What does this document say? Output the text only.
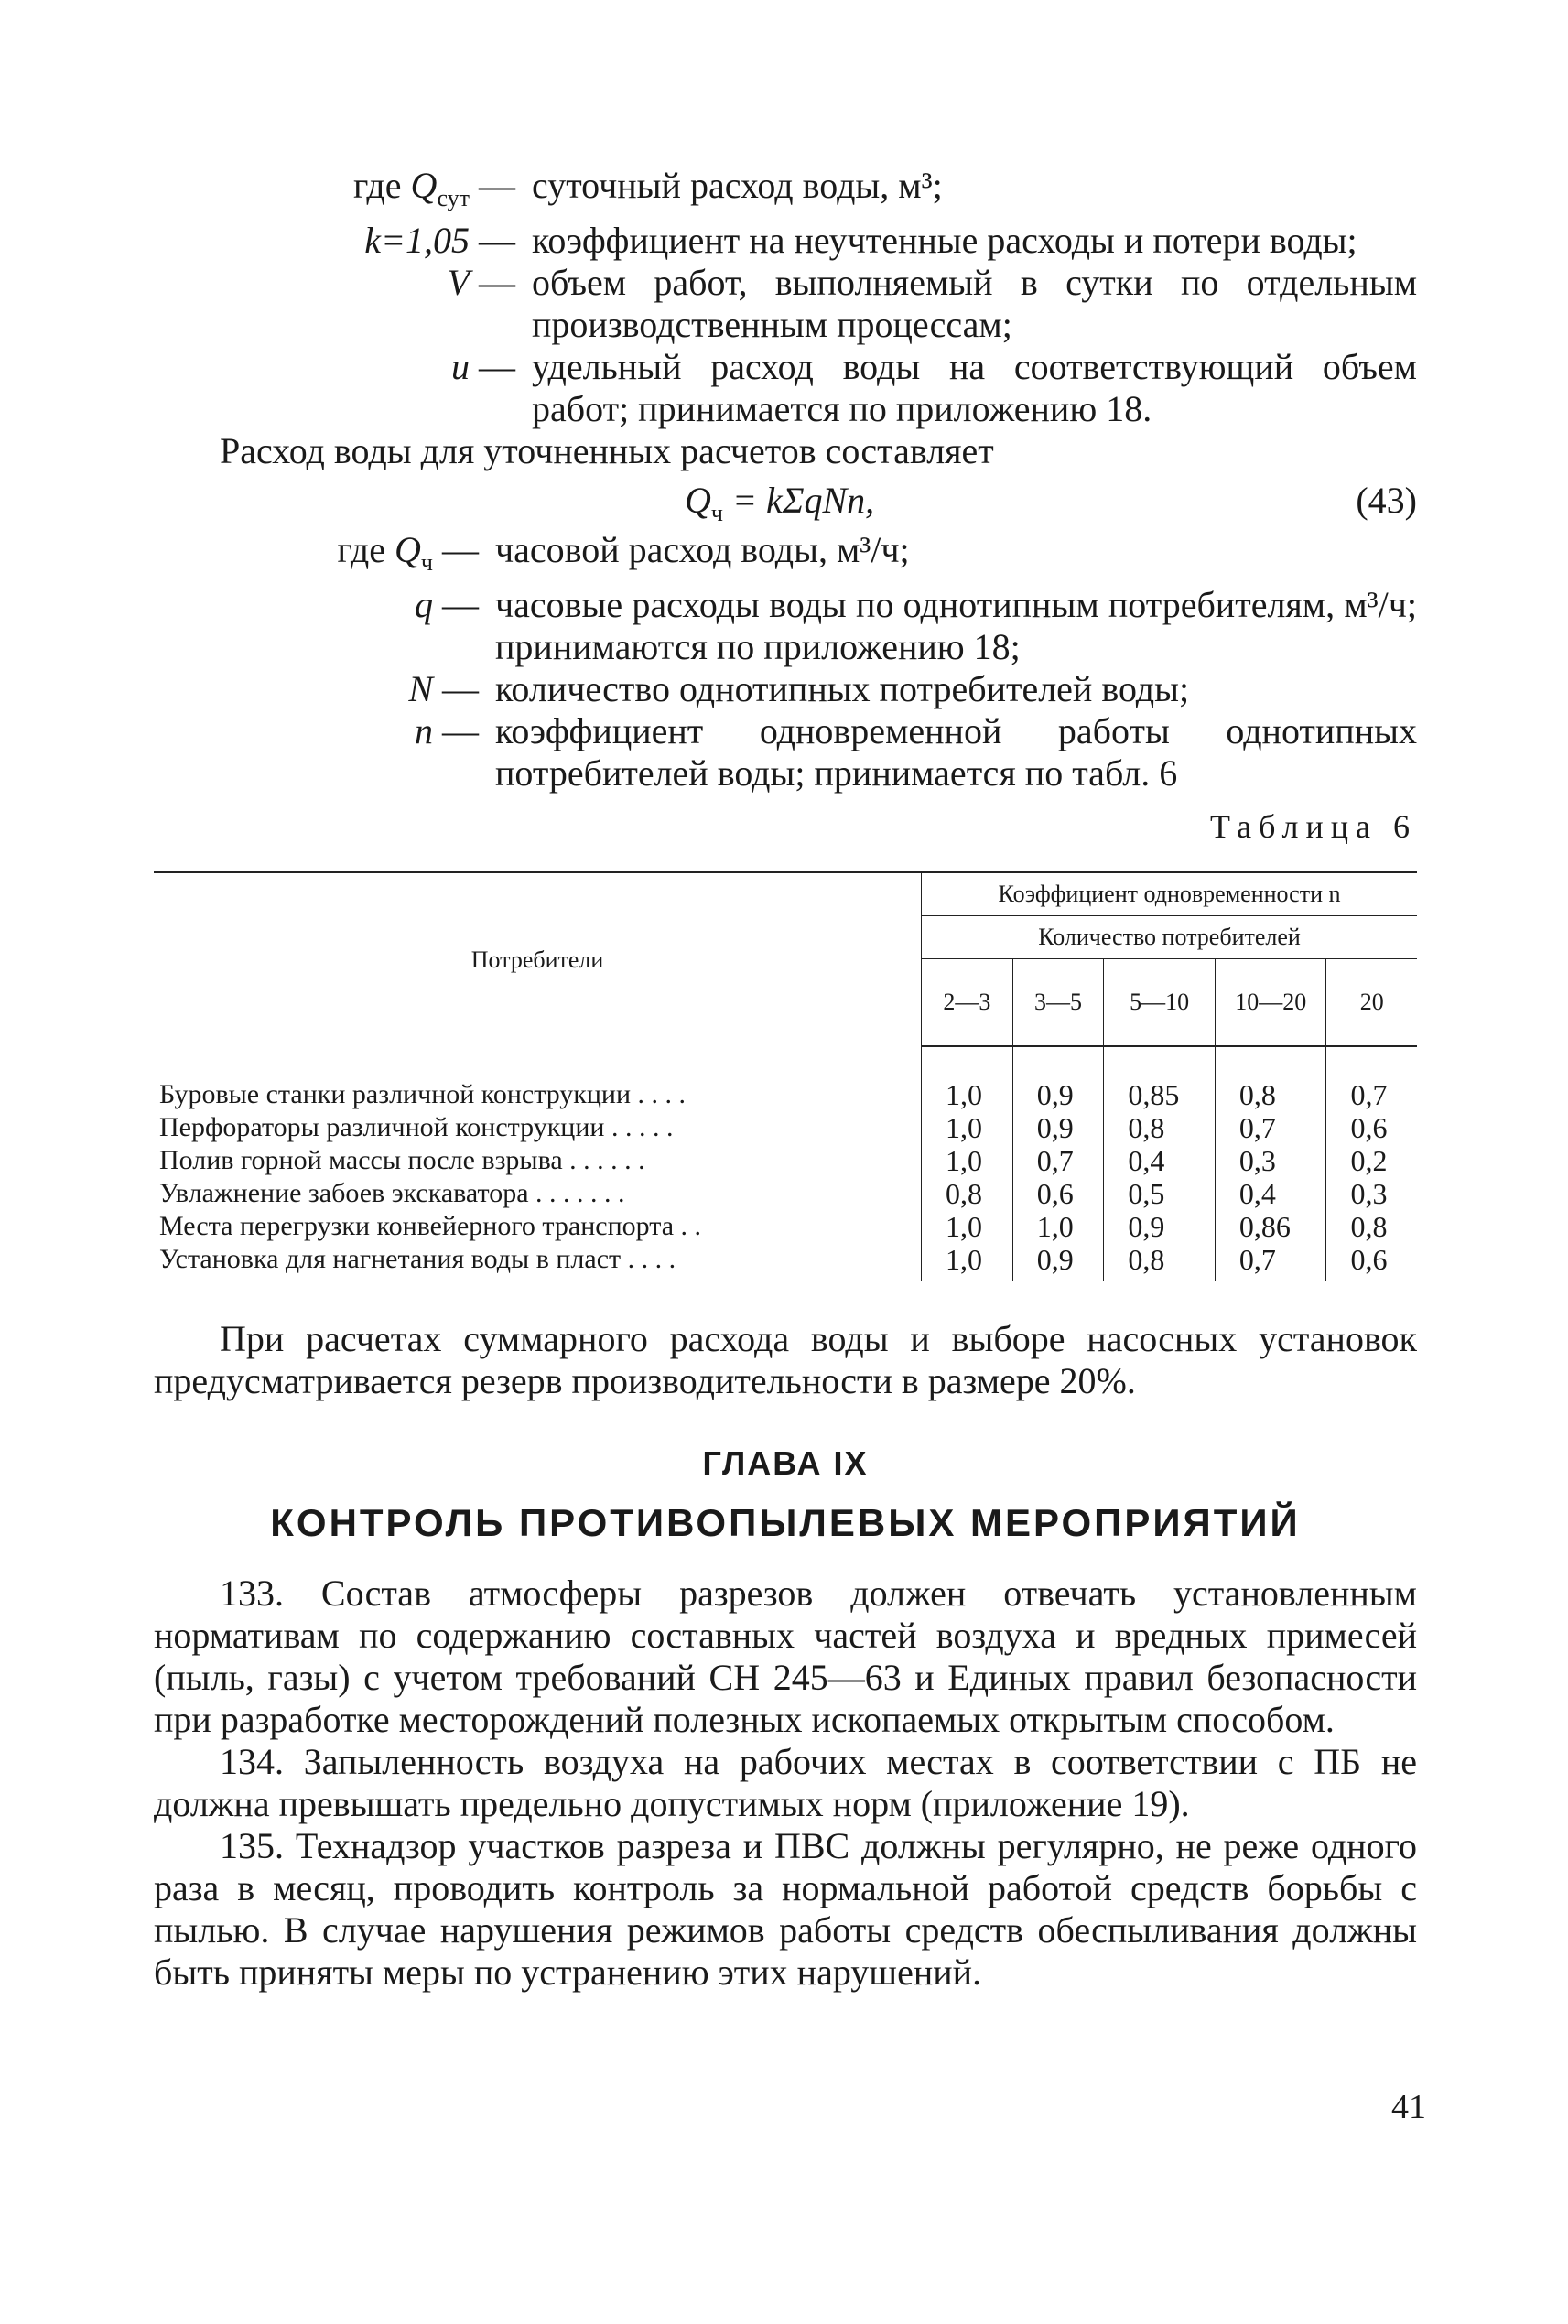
где $Q_{сут}$ —	суточный расход воды, м³;
k=1,05 —	коэффициент на неучтенные расходы и потери воды;
V —	объем работ, выполняемый в сутки по отдельным производственным процессам;
u —	удельный расход воды на соответствующий объем работ; принимается по приложению 18.

Расход воды для уточненных расчетов составляет

$Q_ч = k\Sigma qNn$,	(43)
где $Q_ч$ —	часовой расход воды, м³/ч;
q —	часовые расходы воды по однотипным потребителям, м³/ч; принимаются по приложению 18;
N —	количество однотипных потребителей воды;
n —	коэффициент одновременной работы однотипных потребителей воды; принимается по табл. 6
Таблица 6
Потребители	Коэффициент одновременности n				
	Количество потребителей				
	2—3	3—5	5—10	10—20	20
Буровые станки различной конструкции . . . .	1,0	0,9	0,85	0,8	0,7
Перфораторы различной конструкции . . . . .	1,0	0,9	0,8	0,7	0,6
Полив горной массы после взрыва . . . . . .	1,0	0,7	0,4	0,3	0,2
Увлажнение забоев экскаватора . . . . . . .	0,8	0,6	0,5	0,4	0,3
Места перегрузки конвейерного транспорта . .	1,0	1,0	0,9	0,86	0,8
Установка для нагнетания воды в пласт . . . .	1,0	0,9	0,8	0,7	0,6

При расчетах суммарного расхода воды и выборе насосных установок предусматривается резерв производительности в размере 20%.

ГЛАВА IX
КОНТРОЛЬ ПРОТИВОПЫЛЕВЫХ МЕРОПРИЯТИЙ

133. Состав атмосферы разрезов должен отвечать установленным нормативам по содержанию составных частей воздуха и вредных примесей (пыль, газы) с учетом требований СН 245—63 и Единых правил безопасности при разработке месторождений полезных ископаемых открытым способом.

134. Запыленность воздуха на рабочих местах в соответствии с ПБ не должна превышать предельно допустимых норм (приложение 19).

135. Технадзор участков разреза и ПВС должны регулярно, не реже одного раза в месяц, проводить контроль за нормальной работой средств борьбы с пылью. В случае нарушения режимов работы средств обеспыливания должны быть приняты меры по устранению этих нарушений.

41
